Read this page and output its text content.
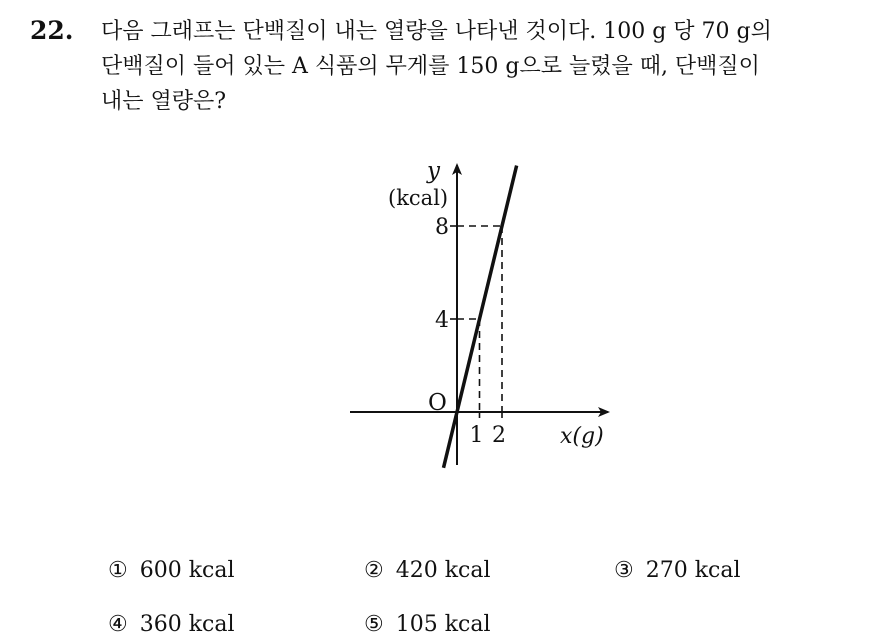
22. 다음 그래프는 단백질이 내는 열량을 나타낸 것이다. 100 g 당 70 g의
단백질이 들어 있는 A 식품의 무게를 150 g으로 늘렸을 때, 단백질이
내는 열량은?
1 2
4
8
O
y
(kcal)
x(g)
① 600 kcal	② 420 kcal	③ 270 kcal
④ 360 kcal	⑤ 105 kcal
